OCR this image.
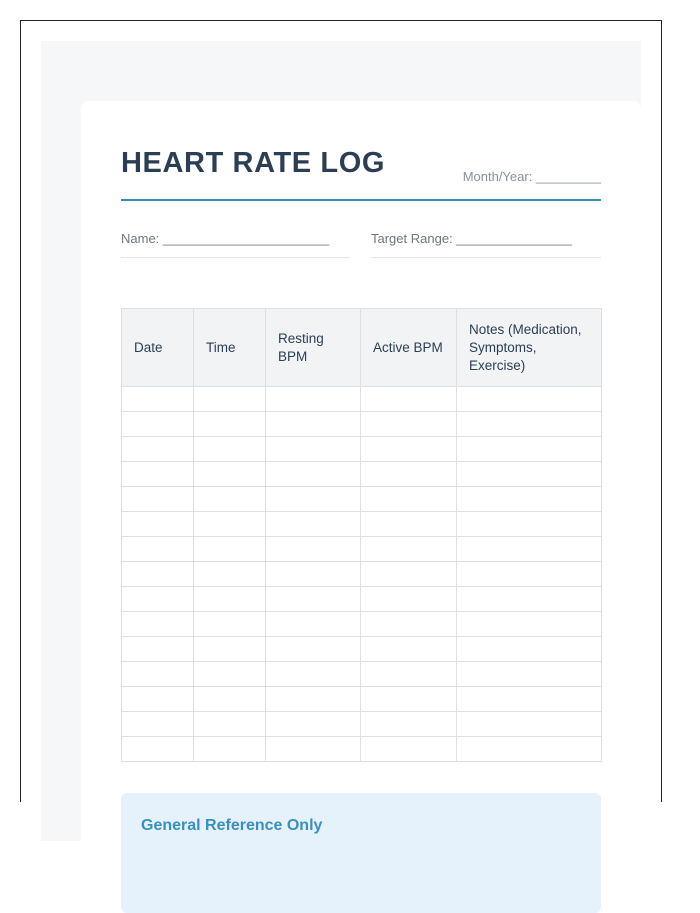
HEART RATE LOG	Month/Year: _________
Name: _______________________	Target Range: ________________
Date	Time	Resting BPM	Active BPM	Notes (Medication, Symptoms, Exercise)

General Reference Only
